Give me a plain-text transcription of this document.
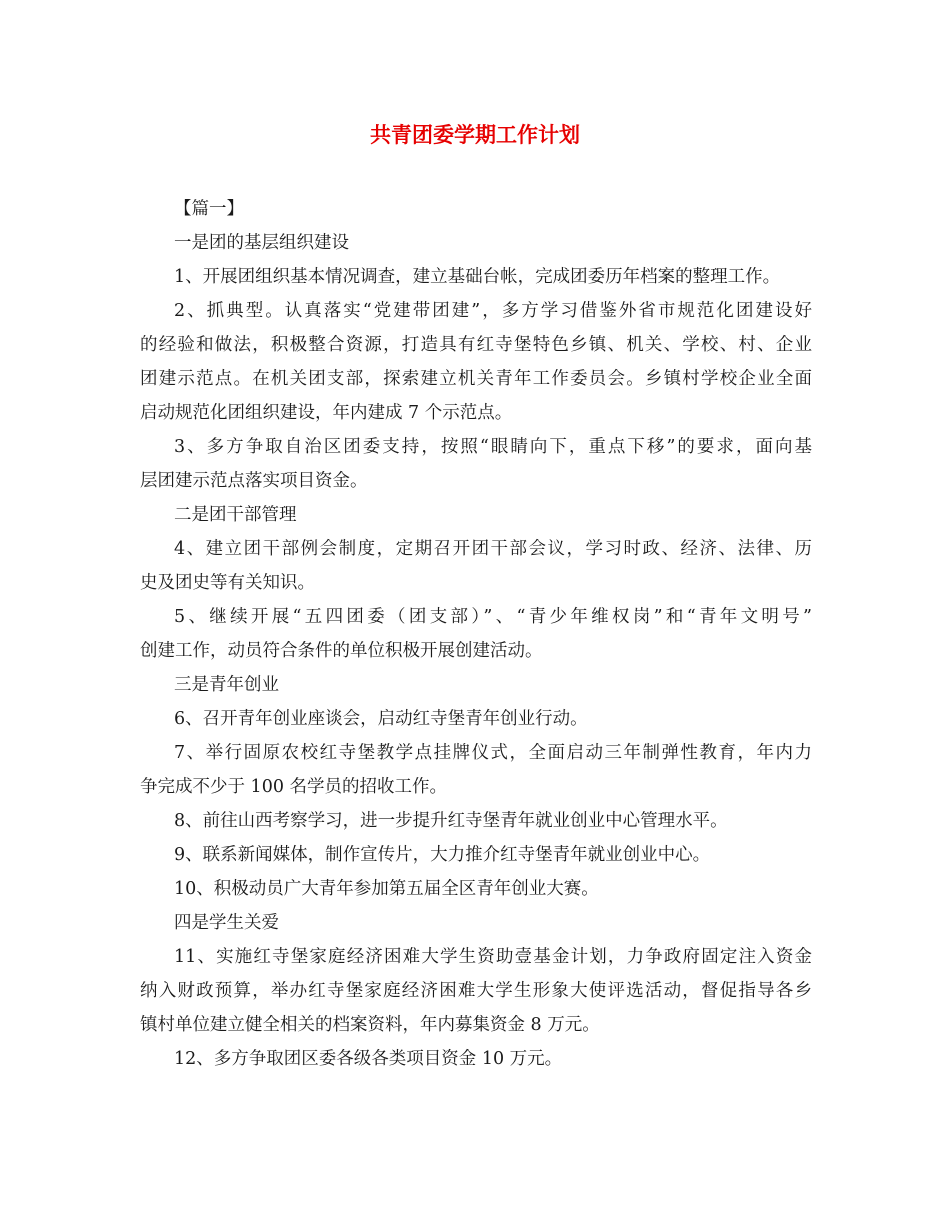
共青团委学期工作计划
【篇一】
一是团的基层组织建设
1、开展团组织基本情况调查，建立基础台帐，完成团委历年档案的整理工作。
2、抓典型。认真落实“党建带团建”，多方学习借鉴外省市规范化团建设好
的经验和做法，积极整合资源，打造具有红寺堡特色乡镇、机关、学校、村、企业
团建示范点。在机关团支部，探索建立机关青年工作委员会。乡镇村学校企业全面
启动规范化团组织建设，年内建成 7 个示范点。
3、多方争取自治区团委支持，按照“眼睛向下，重点下移”的要求，面向基
层团建示范点落实项目资金。
二是团干部管理
4、建立团干部例会制度，定期召开团干部会议，学习时政、经济、法律、历
史及团史等有关知识。
5、继续开展“五四团委（团支部）”、“青少年维权岗”和“青年文明号”
创建工作，动员符合条件的单位积极开展创建活动。
三是青年创业
6、召开青年创业座谈会，启动红寺堡青年创业行动。
7、举行固原农校红寺堡教学点挂牌仪式，全面启动三年制弹性教育，年内力
争完成不少于 100 名学员的招收工作。
8、前往山西考察学习，进一步提升红寺堡青年就业创业中心管理水平。
9、联系新闻媒体，制作宣传片，大力推介红寺堡青年就业创业中心。
10、积极动员广大青年参加第五届全区青年创业大赛。
四是学生关爱
11、实施红寺堡家庭经济困难大学生资助壹基金计划，力争政府固定注入资金
纳入财政预算，举办红寺堡家庭经济困难大学生形象大使评选活动，督促指导各乡
镇村单位建立健全相关的档案资料，年内募集资金 8 万元。
12、多方争取团区委各级各类项目资金 10 万元。
